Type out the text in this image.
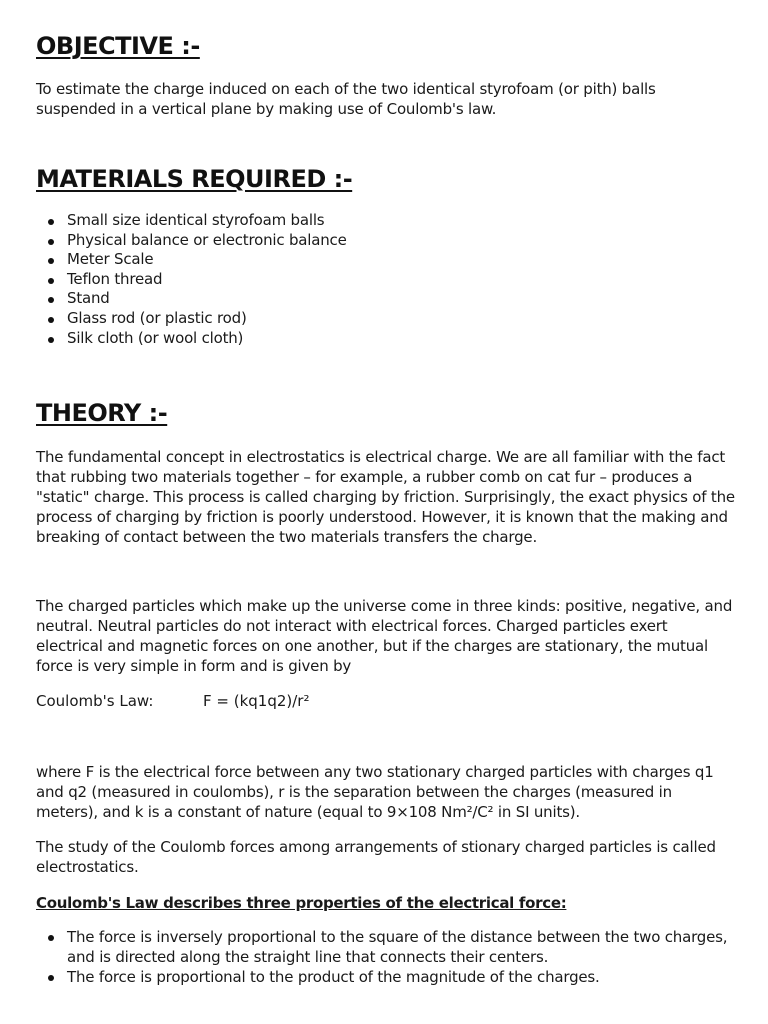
OBJECTIVE :-

To estimate the charge induced on each of the two identical styrofoam (or pith) balls suspended in a vertical plane by making use of Coulomb's law.

MATERIALS REQUIRED :-
Small size identical styrofoam balls
Physical balance or electronic balance
Meter Scale
Teflon thread
Stand
Glass rod (or plastic rod)
Silk cloth (or wool cloth)
THEORY :-

The fundamental concept in electrostatics is electrical charge. We are all familiar with the fact that rubbing two materials together – for example, a rubber comb on cat fur – produces a "static" charge. This process is called charging by friction. Surprisingly, the exact physics of the process of charging by friction is poorly understood. However, it is known that the making and breaking of contact between the two materials transfers the charge.

The charged particles which make up the universe come in three kinds: positive, negative, and neutral. Neutral particles do not interact with electrical forces. Charged particles exert electrical and magnetic forces on one another, but if the charges are stationary, the mutual force is very simple in form and is given by

Coulomb's Law:	F = (kq1q2)/r²

where F is the electrical force between any two stationary charged particles with charges q1 and q2 (measured in coulombs), r is the separation between the charges (measured in meters), and k is a constant of nature (equal to 9×108 Nm²/C² in SI units).

The study of the Coulomb forces among arrangements of stionary charged particles is called electrostatics.

Coulomb's Law describes three properties of the electrical force:
The force is inversely proportional to the square of the distance between the two charges, and is directed along the straight line that connects their centers.
The force is proportional to the product of the magnitude of the charges.
